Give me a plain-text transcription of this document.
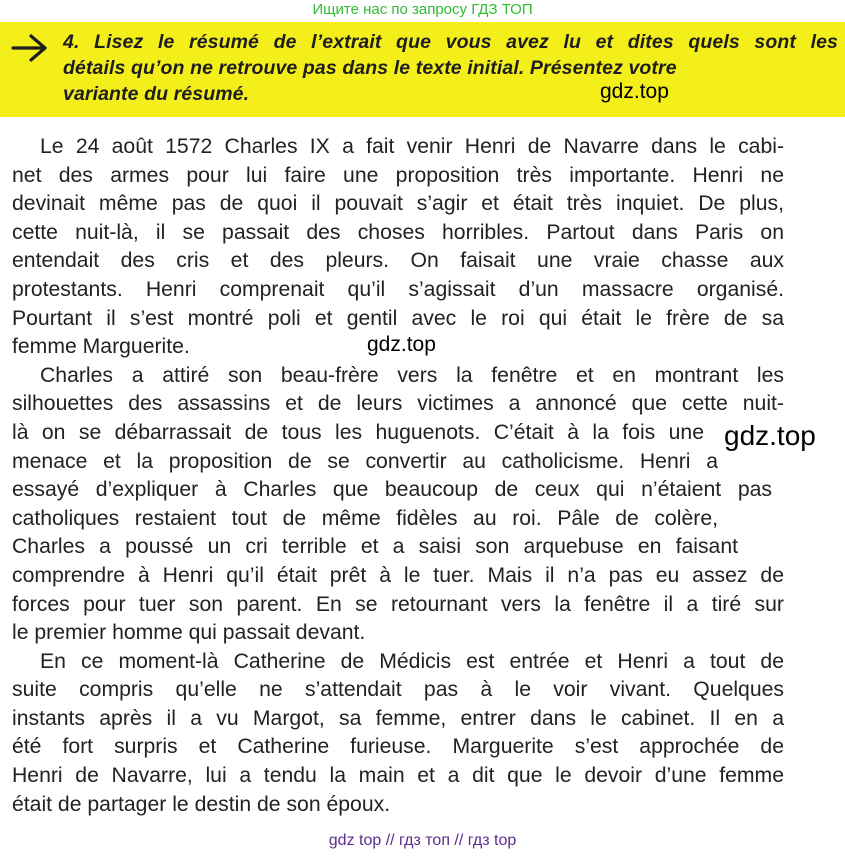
Ищите нас по запросу ГДЗ ТОП
4. Lisez le résumé de l’extrait que vous avez lu et dites quels sont les
détails qu’on ne retrouve pas dans le texte initial. Présentez votre
variante du résumé.	gdz.top
Le 24 août 1572 Charles IX a fait venir Henri de Navarre dans le cabi-
net des armes pour lui faire une proposition très importante. Henri ne
devinait même pas de quoi il pouvait s’agir et était très inquiet. De plus,
cette nuit-là, il se passait des choses horribles. Partout dans Paris on
entendait des cris et des pleurs. On faisait une vraie chasse aux
protestants. Henri comprenait qu’il s’agissait d’un massacre organisé.
Pourtant il s’est montré poli et gentil avec le roi qui était le frère de sa
femme Marguerite.
Charles a attiré son beau-frère vers la fenêtre et en montrant les
silhouettes des assassins et de leurs victimes a annoncé que cette nuit-
là on se débarrassait de tous les huguenots. C’était à la fois une
menace et la proposition de se convertir au catholicisme. Henri a
essayé d’expliquer à Charles que beaucoup de ceux qui n’étaient pas
catholiques restaient tout de même fidèles au roi. Pâle de colère,
Charles a poussé un cri terrible et a saisi son arquebuse en faisant
comprendre à Henri qu’il était prêt à le tuer. Mais il n’a pas eu assez de
forces pour tuer son parent. En se retournant vers la fenêtre il a tiré sur
le premier homme qui passait devant.
En ce moment-là Catherine de Médicis est entrée et Henri a tout de
suite compris qu’elle ne s’attendait pas à le voir vivant. Quelques
instants après il a vu Margot, sa femme, entrer dans le cabinet. Il en a
été fort surpris et Catherine furieuse. Marguerite s’est approchée de
Henri de Navarre, lui a tendu la main et a dit que le devoir d’une femme
était de partager le destin de son époux.
gdz.top
gdz.top
gdz top // гдз топ // гдз top
